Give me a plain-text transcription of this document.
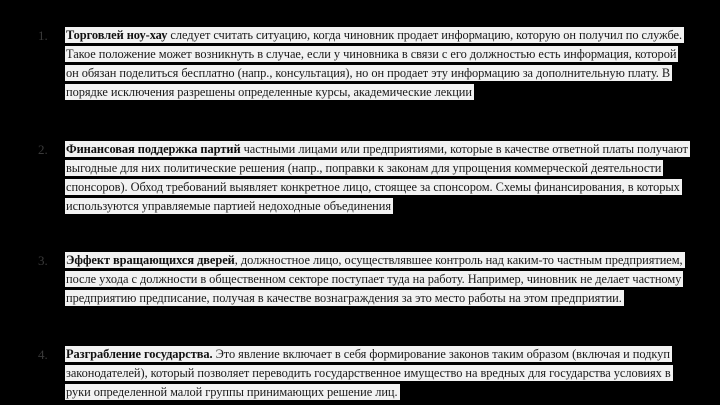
1.	Торговлей ноу-хау следует считать ситуацию, когда чиновник продает информацию, которую он получил по службе. Такое положение может возникнуть в случае, если у чиновника в связи с его должностью есть информация, которой он обязан поделиться бесплатно (напр., консультация), но он продает эту информацию за дополнительную плату. В порядке исключения разрешены определенные курсы, академические лекции
2.	Финансовая поддержка партий частными лицами или предприятиями, которые в качестве ответной платы получают выгодные для них политические решения (напр., поправки к законам для упрощения коммерческой деятельности спонсоров). Обход требований выявляет конкретное лицо, стоящее за спонсором. Схемы финансирования, в которых используются управляемые партией недоходные объединения
3.	Эффект вращающихся дверей, должностное лицо, осуществлявшее контроль над каким-то частным предприятием, после ухода с должности в общественном секторе поступает туда на работу. Например, чиновник не делает частному предприятию предписание, получая в качестве вознаграждения за это место работы на этом предприятии.
4.	Разграбление государства. Это явление включает в себя формирование законов таким образом (включая и подкуп законодателей), который позволяет переводить государственное имущество на вредных для государства условиях в руки определенной малой группы принимающих решение лиц.
